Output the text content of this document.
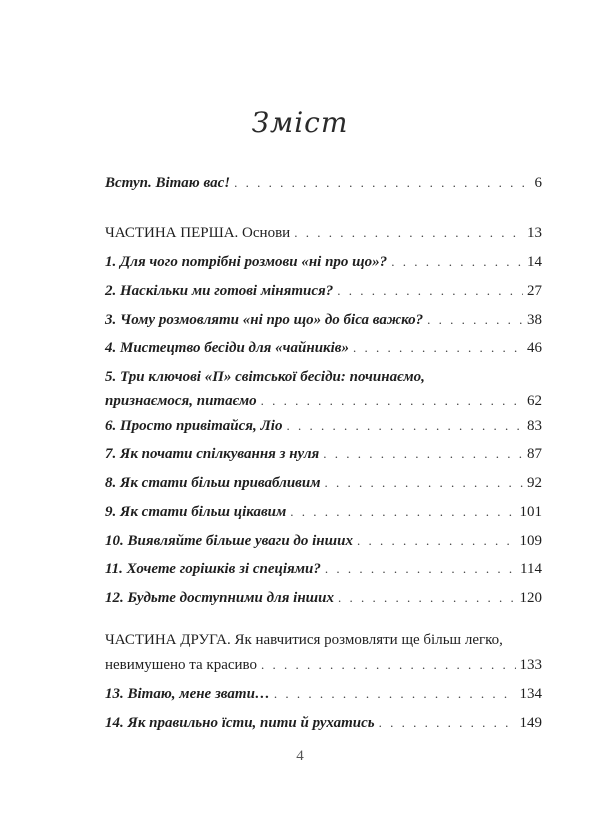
Зміст
Вступ. Вітаю вас! . . .	6
ЧАСТИНА ПЕРША. Основи . . .	13
1. Для чого потрібні розмови «ні про що»? . . .	14
2. Наскільки ми готові мінятися? . . .	27
3. Чому розмовляти «ні про що» до біса важко? . . .	38
4. Мистецтво бесіди для «чайників» . . .	46
5. Три ключові «П» світської бесіди: починаємо,
признаємося, питаємо . . .	62
6. Просто привітайся, Ліо . . .	83
7. Як почати спілкування з нуля . . .	87
8. Як стати більш привабливим . . .	92
9. Як стати більш цікавим . . .	101
10. Виявляйте більше уваги до інших . . .	109
11. Хочете горішків зі спеціями? . . .	114
12. Будьте доступними для інших . . .	120
ЧАСТИНА ДРУГА. Як навчитися розмовляти ще більш легко,
невимушено та красиво . . .	133
13. Вітаю, мене звати… . . .	134
14. Як правильно їсти, пити й рухатись . . .	149
4
